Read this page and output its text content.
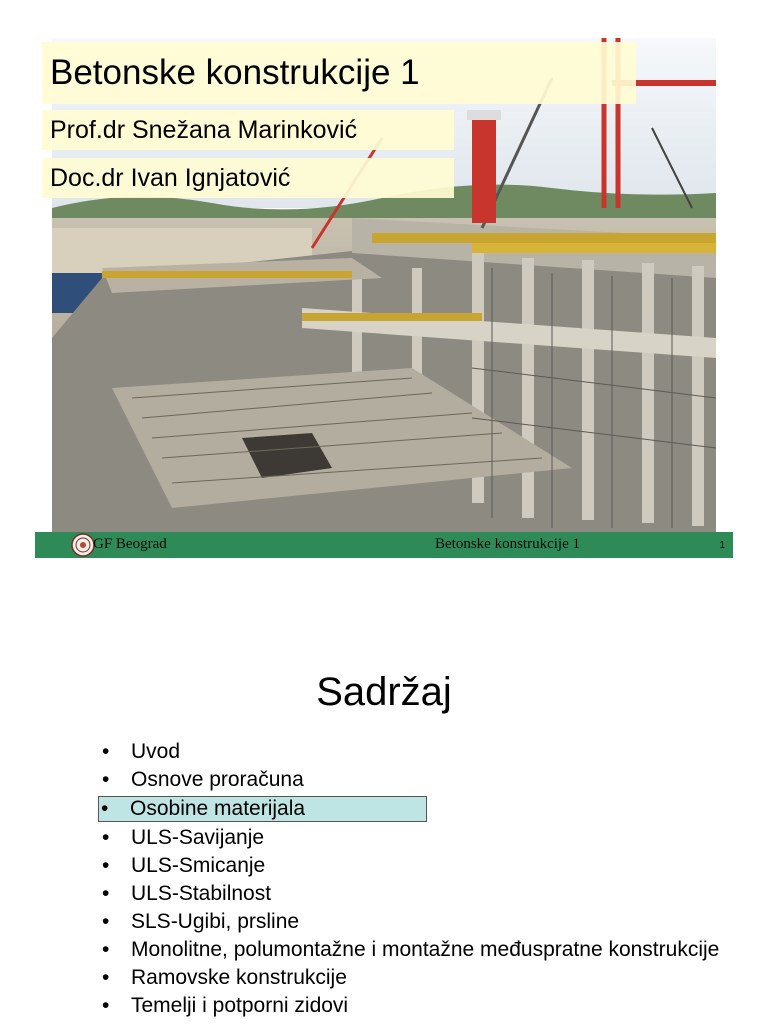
Betonske konstrukcije 1
Prof.dr Snežana Marinković
Doc.dr Ivan Ignjatović
GF Beograd	Betonske konstrukcije 1	1
Sadržaj
• Uvod
• Osnove proračuna
• Osobine materijala
• ULS-Savijanje
• ULS-Smicanje
• ULS-Stabilnost
• SLS-Ugibi, prsline
• Monolitne, polumontažne i montažne međuspratne konstrukcije
• Ramovske konstrukcije
• Temelji i potporni zidovi
